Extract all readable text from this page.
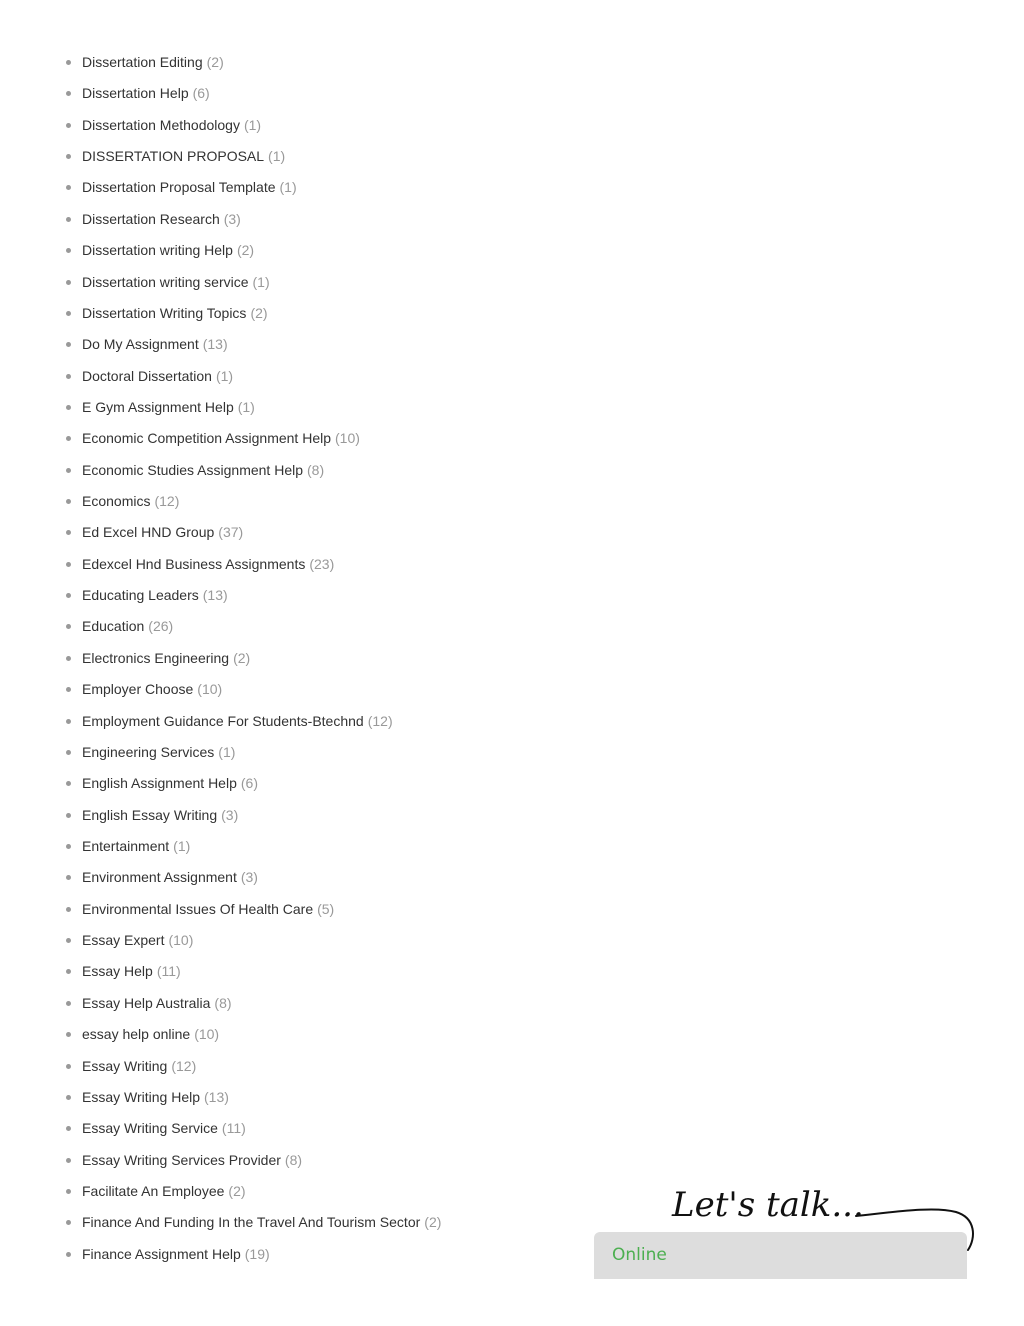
Dissertation Editing (2)
Dissertation Help (6)
Dissertation Methodology (1)
DISSERTATION PROPOSAL (1)
Dissertation Proposal Template (1)
Dissertation Research (3)
Dissertation writing Help (2)
Dissertation writing service (1)
Dissertation Writing Topics (2)
Do My Assignment (13)
Doctoral Dissertation (1)
E Gym Assignment Help (1)
Economic Competition Assignment Help (10)
Economic Studies Assignment Help (8)
Economics (12)
Ed Excel HND Group (37)
Edexcel Hnd Business Assignments (23)
Educating Leaders (13)
Education (26)
Electronics Engineering (2)
Employer Choose (10)
Employment Guidance For Students-Btechnd (12)
Engineering Services (1)
English Assignment Help (6)
English Essay Writing (3)
Entertainment (1)
Environment Assignment (3)
Environmental Issues Of Health Care (5)
Essay Expert (10)
Essay Help (11)
Essay Help Australia (8)
essay help online (10)
Essay Writing (12)
Essay Writing Help (13)
Essay Writing Service (11)
Essay Writing Services Provider (8)
Facilitate An Employee (2)
Finance And Funding In the Travel And Tourism Sector (2)
Finance Assignment Help (19)
Let's talk...
Online
